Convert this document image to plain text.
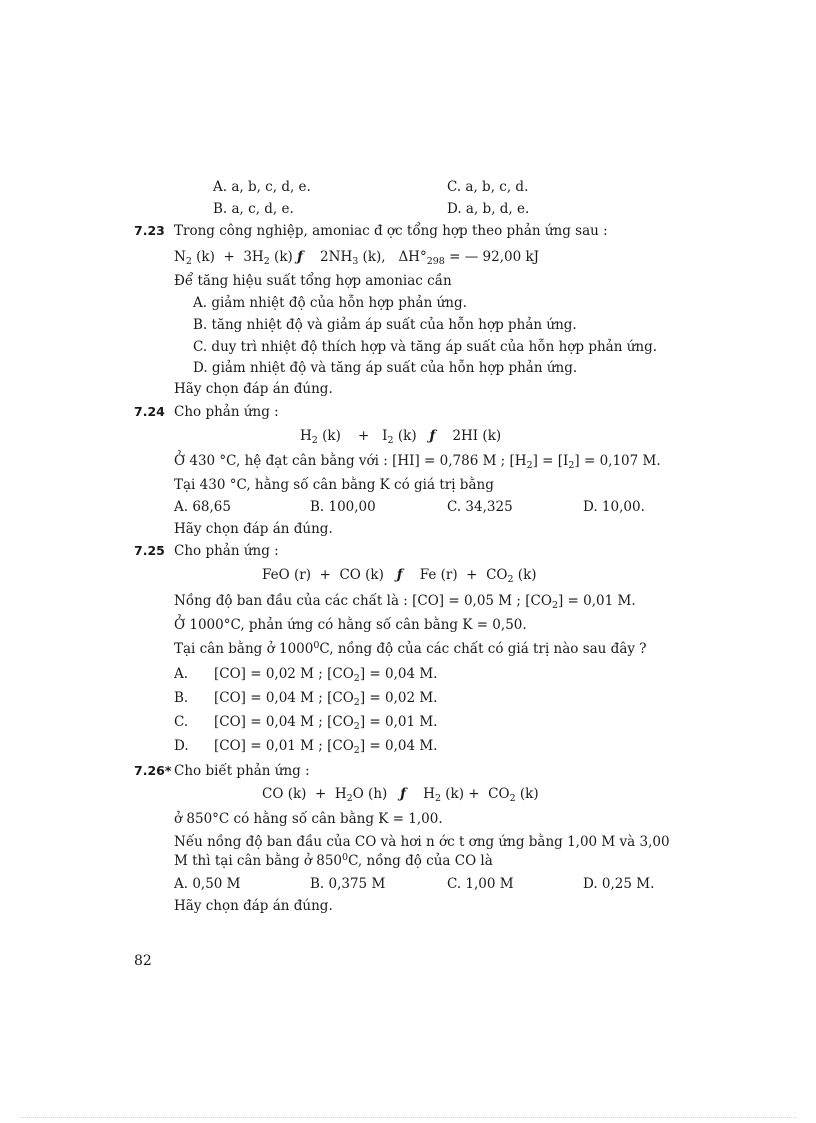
A. a, b, c, d, e.	C. a, b, c, d.
B. a, c, d, e.	D. a, b, d, e.
7.23 Trong công nghiệp, amoniac đ ợc tổng hợp theo phản ứng sau :
$N_2$ $(k) + 3H_2$ (k) ƒ    $2NH_3$ (k),   $\Delta H^\circ_{298}$ = — 92,00 kJ
Để tăng hiệu suất tổng hợp amoniac cần
A. giảm nhiệt độ của hỗn hợp phản ứng.
B. tăng nhiệt độ và giảm áp suất của hỗn hợp phản ứng.
C. duy trì nhiệt độ thích hợp và tăng áp suất của hỗn hợp phản ứng.
D. giảm nhiệt độ và tăng áp suất của hỗn hợp phản ứng.
Hãy chọn đáp án đúng.
7.24 Cho phản ứng :
$H_2$ (k)    +   $I_2$ (k)   ƒ    2HI (k)
Ở 430 °C, hệ đạt cân bằng với : [HI] = 0,786 M ; $[H_2] = [I_2] = 0,107$ M.
Tại 430 °C, hằng số cân bằng K có giá trị bằng
A. 68,65	B. 100,00	C. 34,325	D. 10,00.
Hãy chọn đáp án đúng.
7.25 Cho phản ứng :
FeO (r)  +  CO (k)   ƒ    Fe $(r) + CO_2$ (k)
Nồng độ ban đầu của các chất là : [CO] = 0,05 M ; $[CO_2] = 0,01$ M.
Ở 1000°C, phản ứng có hằng số cân bằng K = 0,50.
Tại cân bằng ở 1000$^0$C, nồng độ của các chất có giá trị nào sau đây ?
A. [CO] = 0,02 M ; $[CO_2] = 0,04$ M.
B. [CO] = 0,04 M ; $[CO_2] = 0,02$ M.
C. [CO] = 0,04 M ; $[CO_2] = 0,01$ M.
D. [CO] = 0,01 M ; $[CO_2] = 0,04$ M.
7.26* Cho biết phản ứng :
CO $(k) + H_2O$ (h)   ƒ    $H_2$ $(k) + CO_2$ (k)
ở 850°C có hằng số cân bằng K = 1,00.
Nếu nồng độ ban đầu của CO và hơi n ớc t ơng ứng bằng 1,00 M và 3,00
M thì tại cân bằng ở $850^0C$, nồng độ của CO là
A. 0,50 M	B. 0,375 M	C. 1,00 M	D. 0,25 M.
Hãy chọn đáp án đúng.
82
